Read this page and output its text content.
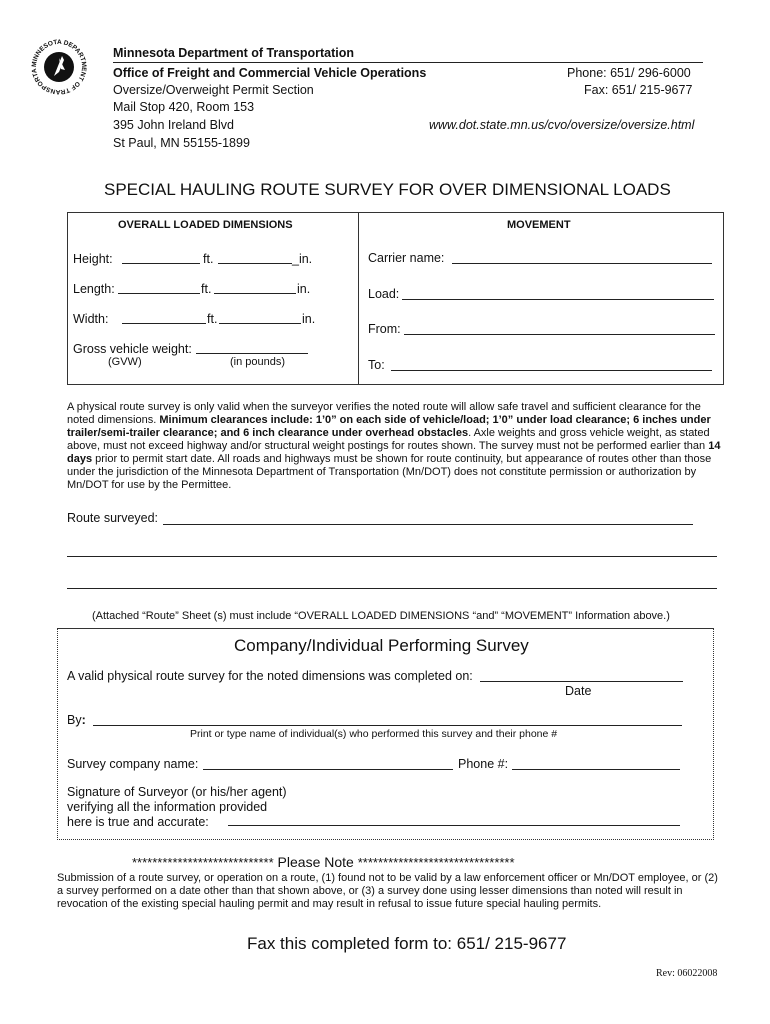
MINNESOTA DEPARTMENT OF TRANSPORTA
Minnesota Department of Transportation
Office of Freight and Commercial Vehicle Operations
Oversize/Overweight Permit Section
Mail Stop 420, Room 153
395 John Ireland Blvd
St Paul, MN 55155-1899
Phone: 651/ 296-6000
Fax: 651/ 215-9677
www.dot.state.mn.us/cvo/oversize/oversize.html
SPECIAL HAULING ROUTE SURVEY FOR OVER DIMENSIONAL LOADS
OVERALL LOADED DIMENSIONS	MOVEMENT
Height:	ft.	_in.
Length:	ft.	in.
Width:	ft.	in.
Gross vehicle weight:
(GVW)	(in pounds)
Carrier name:
Load:
From:
To:

A physical route survey is only valid when the surveyor verifies the noted route will allow safe travel and sufficient clearance for the noted dimensions. Minimum clearances include: 1’0” on each side of vehicle/load; 1’0” under load clearance; 6 inches under trailer/semi-trailer clearance; and 6 inch clearance under overhead obstacles. Axle weights and gross vehicle weight, as stated above, must not exceed highway and/or structural weight postings for routes shown. The survey must not be performed earlier than 14 days prior to permit start date. All roads and highways must be shown for route continuity, but appearance of routes other than those under the jurisdiction of the Minnesota Department of Transportation (Mn/DOT) does not constitute permission or authorization by Mn/DOT for use by the Permittee.

Route surveyed:
(Attached “Route” Sheet (s) must include “OVERALL LOADED DIMENSIONS “and” “MOVEMENT” Information above.)
Company/Individual Performing Survey
A valid physical route survey for the noted dimensions was completed on:
Date
By:
Print or type name of individual(s) who performed this survey and their phone #
Survey company name:	Phone #:
Signature of Surveyor (or his/her agent)
verifying all the information provided
here is true and accurate:
**************************** Please Note *******************************

Submission of a route survey, or operation on a route, (1) found not to be valid by a law enforcement officer or Mn/DOT employee, or (2) a survey performed on a date other than that shown above, or (3) a survey done using lesser dimensions than noted will result in revocation of the existing special hauling permit and may result in refusal to issue future special hauling permits.

Fax this completed form to: 651/ 215-9677
Rev: 06022008
